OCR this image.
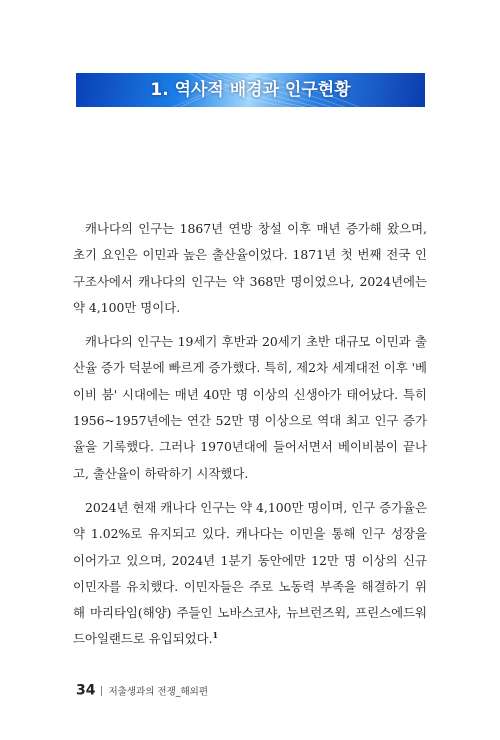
1. 역사적 배경과 인구현황

캐나다의 인구는 1867년 연방 창설 이후 매년 증가해 왔으며, 초기 요인은 이민과 높은 출산율이었다. 1871년 첫 번째 전국 인구조사에서 캐나다의 인구는 약 368만 명이었으나, 2024년에는 약 4,100만 명이다.

캐나다의 인구는 19세기 후반과 20세기 초반 대규모 이민과 출산율 증가 덕분에 빠르게 증가했다. 특히, 제2차 세계대전 이후 '베이비 붐' 시대에는 매년 40만 명 이상의 신생아가 태어났다. 특히1956~1957년에는 연간 52만 명 이상으로 역대 최고 인구 증가율을 기록했다. 그러나 1970년대에 들어서면서 베이비붐이 끝나고, 출산율이 하락하기 시작했다.

2024년 현재 캐나다 인구는 약 4,100만 명이며, 인구 증가율은 약 1.02%로 유지되고 있다. 캐나다는 이민을 통해 인구 성장을 이어가고 있으며, 2024년 1분기 동안에만 12만 명 이상의 신규 이민자를 유치했다. 이민자들은 주로 노동력 부족을 해결하기 위해 마리타임(해양) 주들인 노바스코샤, 뉴브런즈윅, 프린스에드워드아일랜드로 유입되었다.$^1$

34 저출생과의 전쟁_해외편
